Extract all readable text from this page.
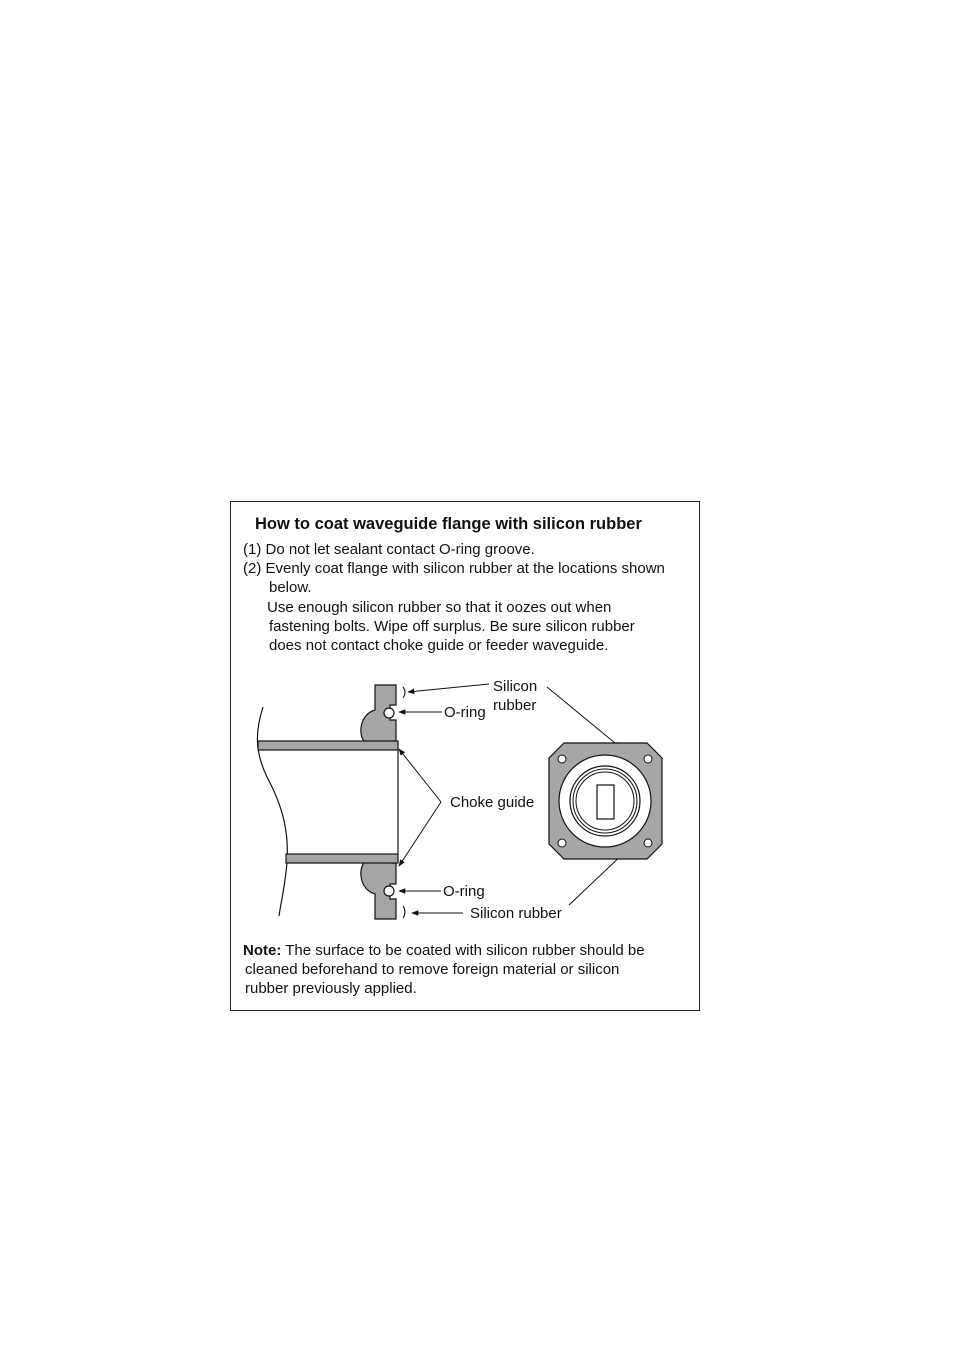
How to coat waveguide flange with silicon rubber
(1) Do not let sealant contact O-ring groove.
(2) Evenly coat flange with silicon rubber at the locations shown
below.
Use enough silicon rubber so that it oozes out when
fastening bolts. Wipe off surplus. Be sure silicon rubber
does not contact choke guide or feeder waveguide.
Silicon
rubber
O-ring
Choke guide
O-ring
Silicon rubber
Note: The surface to be coated with silicon rubber should be
cleaned beforehand to remove foreign material or silicon
rubber previously applied.
